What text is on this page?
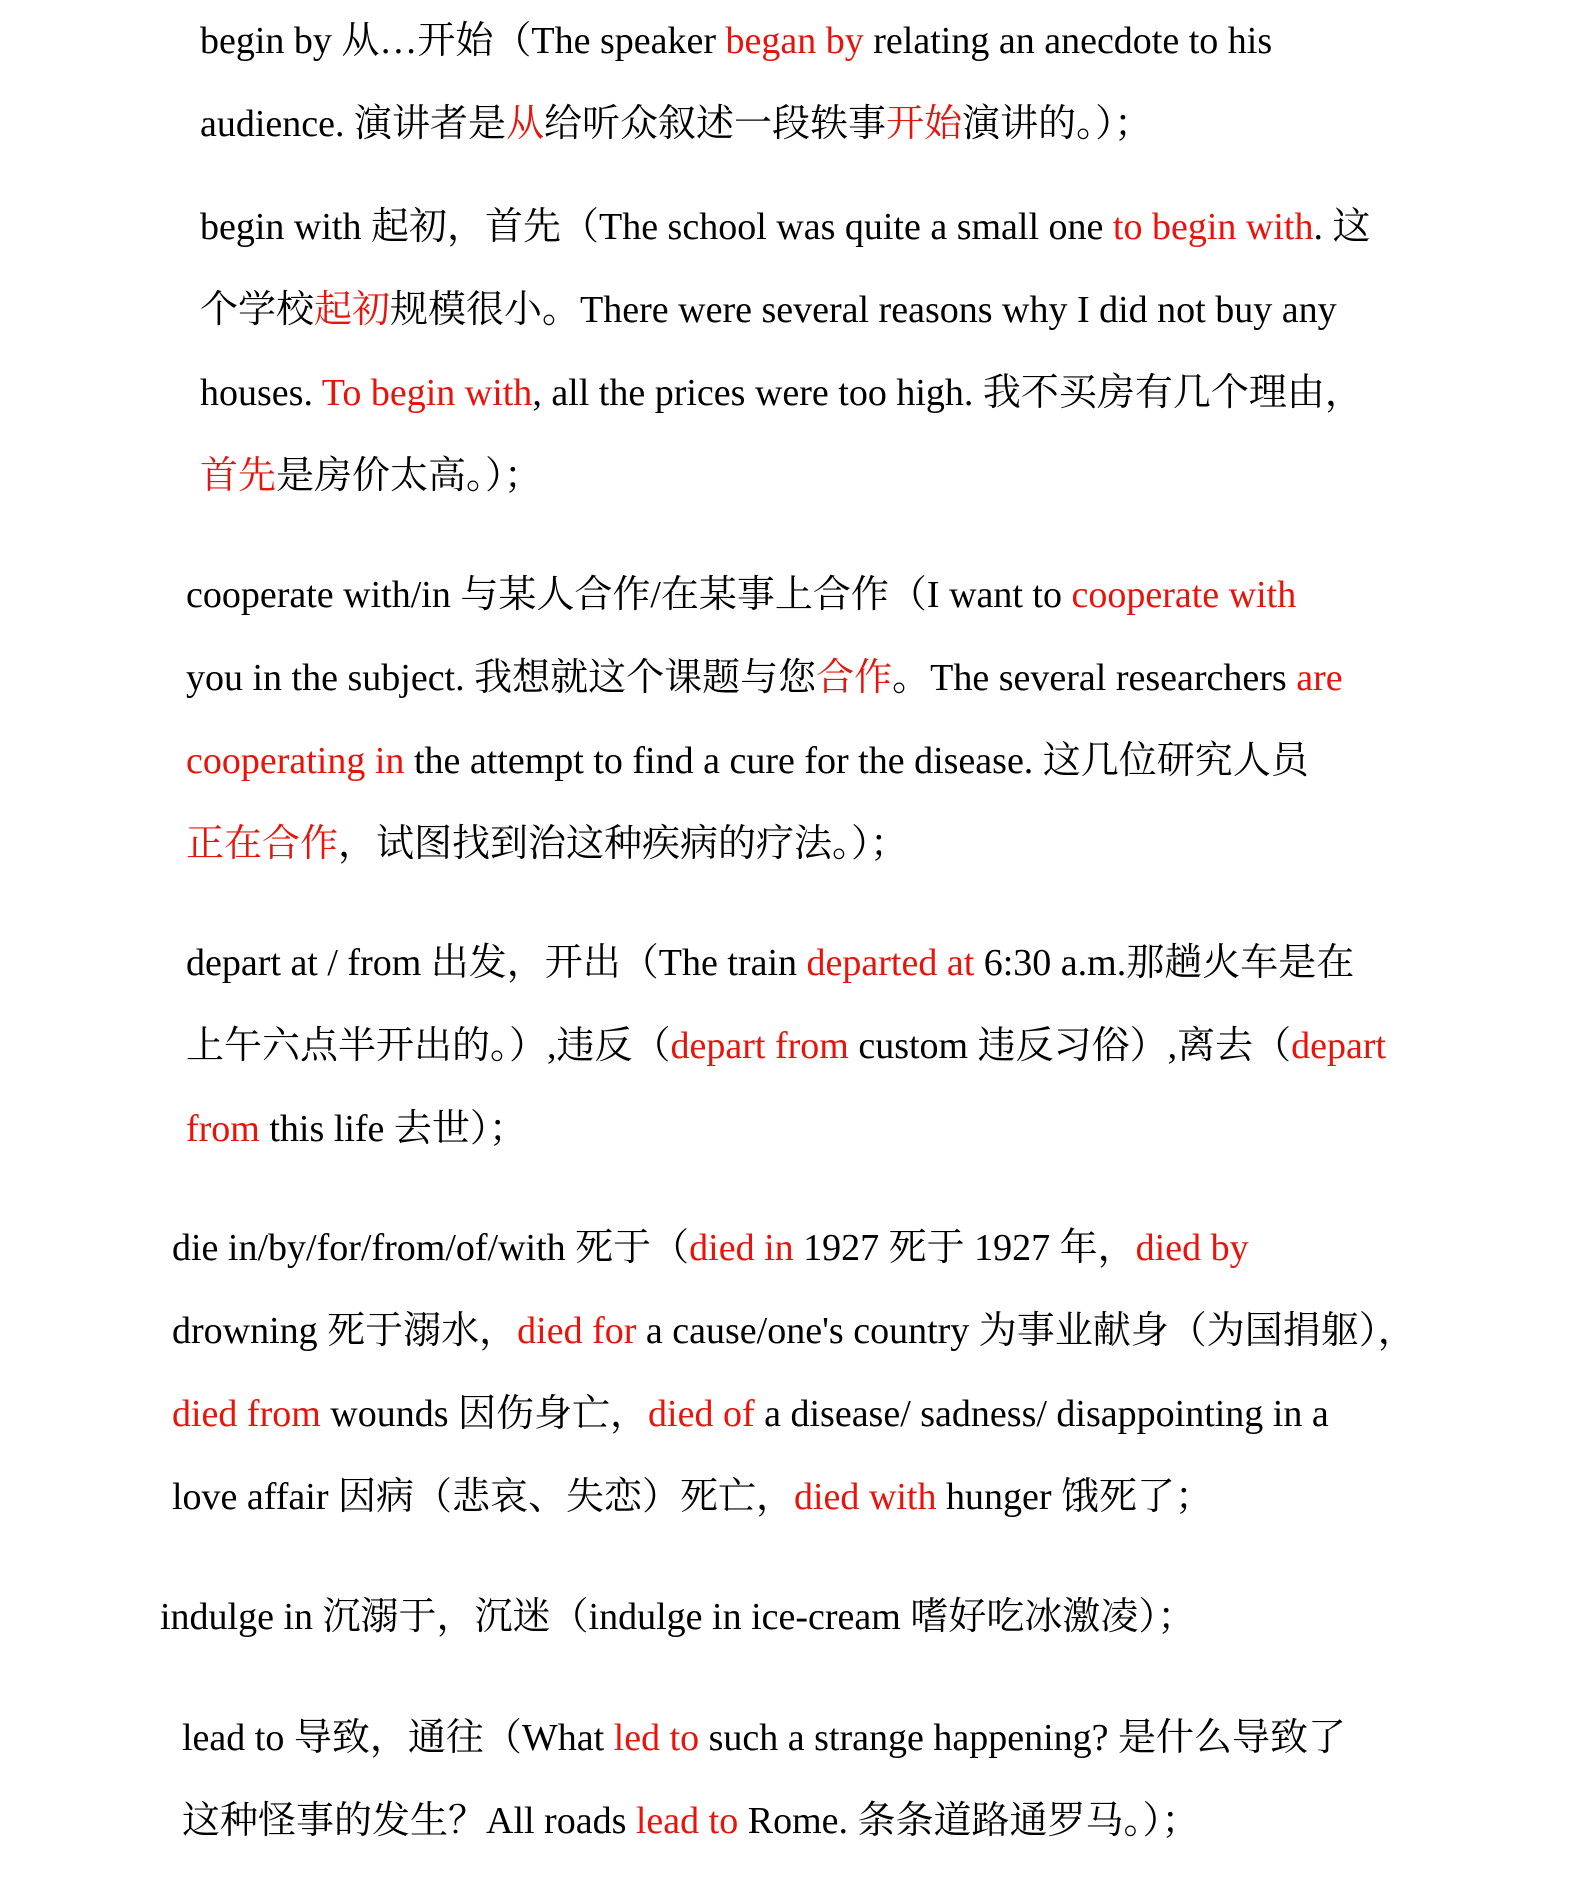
begin by 从…开始（The speaker began by relating an anecdote to his
audience. 演讲者是从给听众叙述一段轶事开始演讲的。）；

begin with 起初，首先（The school was quite a small one to begin with. 这
个学校起初规模很小。There were several reasons why I did not buy any
houses. To begin with, all the prices were too high. 我不买房有几个理由，
首先是房价太高。）；

cooperate with/in 与某人合作/在某事上合作（I want to cooperate with
you in the subject. 我想就这个课题与您合作。The several researchers are
cooperating in the attempt to find a cure for the disease. 这几位研究人员
正在合作，试图找到治这种疾病的疗法。）；

depart at / from 出发，开出（The train departed at 6:30 a.m.那趟火车是在
上午六点半开出的。）,违反（depart from custom 违反习俗）,离去（depart
from this life 去世）；

die in/by/for/from/of/with 死于（died in 1927 死于 1927 年，died by
drowning 死于溺水，died for a cause/one's country 为事业献身（为国捐躯），
died from wounds 因伤身亡，died of a disease/ sadness/ disappointing in a
love affair 因病（悲哀、失恋）死亡，died with hunger 饿死了；

indulge in 沉溺于，沉迷（indulge in ice-cream 嗜好吃冰激凌）；

lead to 导致，通往（What led to such a strange happening? 是什么导致了
这种怪事的发生？All roads lead to Rome. 条条道路通罗马。）；
